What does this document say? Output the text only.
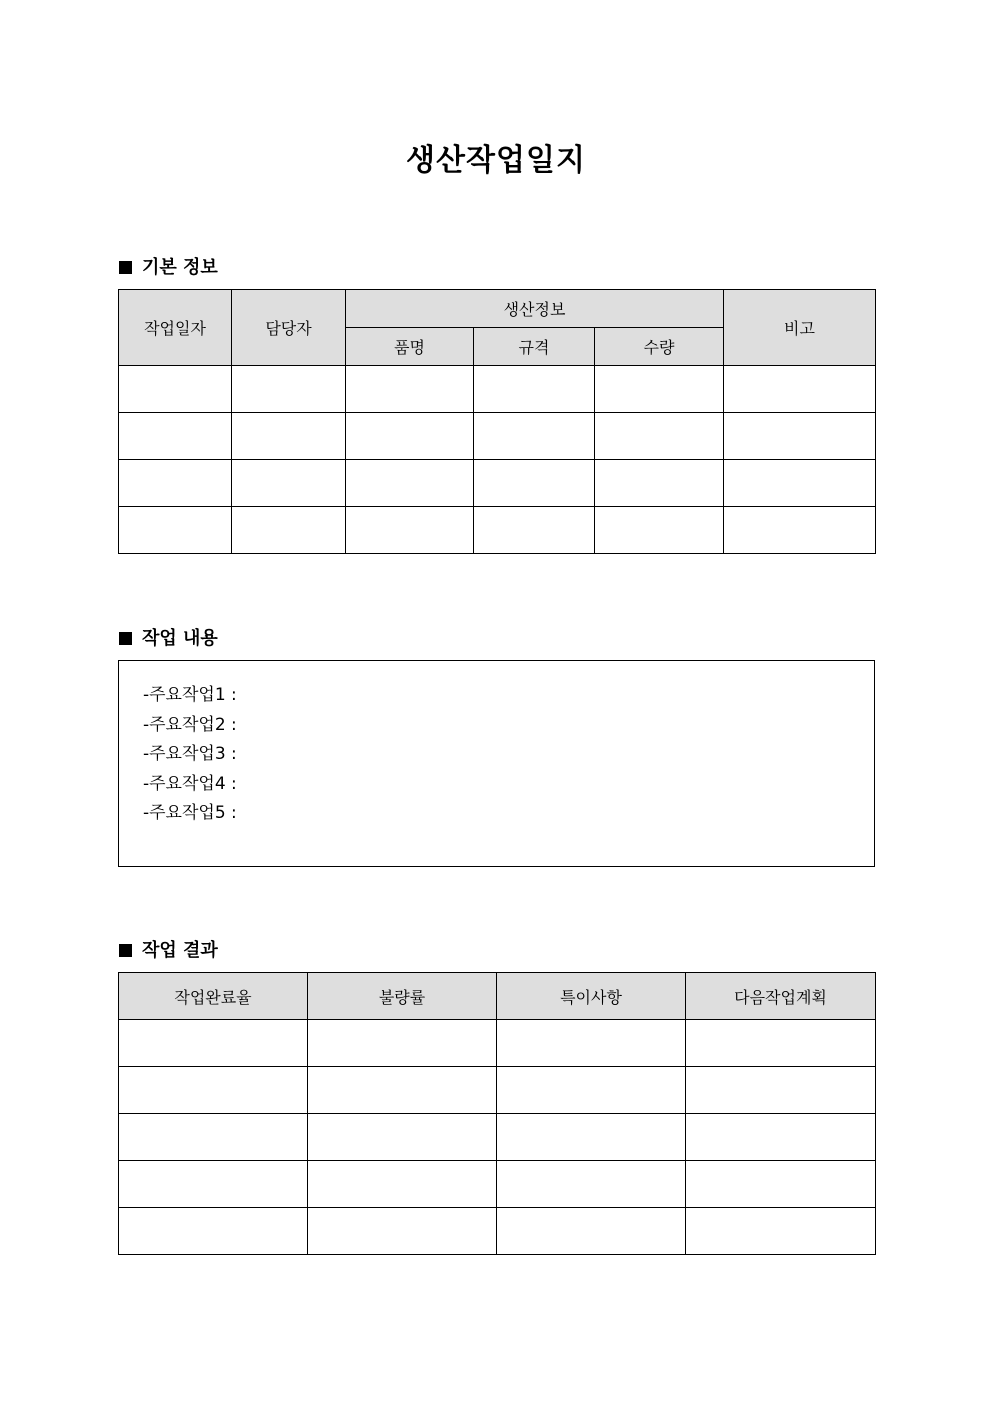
생산작업일지
기본 정보
작업일자	담당자	생산정보			비고
		품명	규격	수량	

작업 내용
-주요작업1 :
-주요작업2 :
-주요작업3 :
-주요작업4 :
-주요작업5 :
작업 결과
작업완료율	불량률	특이사항	다음작업계획
